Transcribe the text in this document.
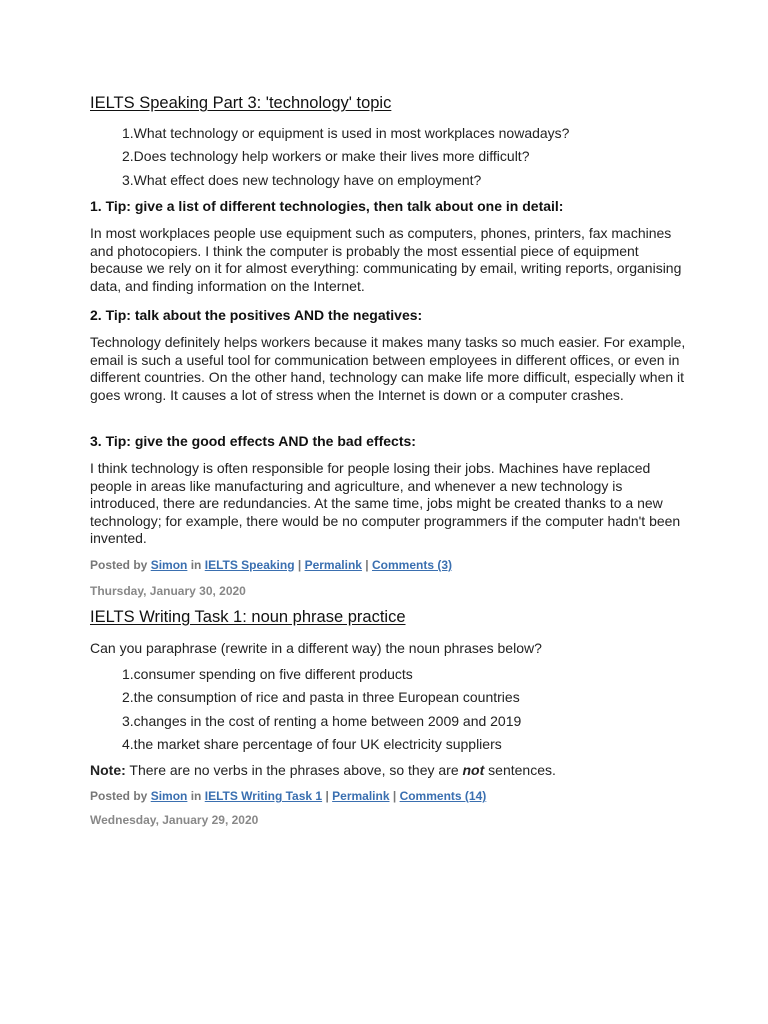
IELTS Speaking Part 3: 'technology' topic
1.What technology or equipment is used in most workplaces nowadays?
2.Does technology help workers or make their lives more difficult?
3.What effect does new technology have on employment?

1. Tip: give a list of different technologies, then talk about one in detail:

In most workplaces people use equipment such as computers, phones, printers, fax machines and photocopiers. I think the computer is probably the most essential piece of equipment because we rely on it for almost everything: communicating by email, writing reports, organising data, and finding information on the Internet.

2. Tip: talk about the positives AND the negatives:

Technology definitely helps workers because it makes many tasks so much easier. For example, email is such a useful tool for communication between employees in different offices, or even in different countries. On the other hand, technology can make life more difficult, especially when it goes wrong. It causes a lot of stress when the Internet is down or a computer crashes.

3. Tip: give the good effects AND the bad effects:

I think technology is often responsible for people losing their jobs. Machines have replaced people in areas like manufacturing and agriculture, and whenever a new technology is introduced, there are redundancies. At the same time, jobs might be created thanks to a new technology; for example, there would be no computer programmers if the computer hadn't been invented.

Posted by Simon in IELTS Speaking | Permalink | Comments (3)
Thursday, January 30, 2020
IELTS Writing Task 1: noun phrase practice

Can you paraphrase (rewrite in a different way) the noun phrases below?

1.consumer spending on five different products
2.the consumption of rice and pasta in three European countries
3.changes in the cost of renting a home between 2009 and 2019
4.the market share percentage of four UK electricity suppliers

Note: There are no verbs in the phrases above, so they are not sentences.

Posted by Simon in IELTS Writing Task 1 | Permalink | Comments (14)
Wednesday, January 29, 2020
